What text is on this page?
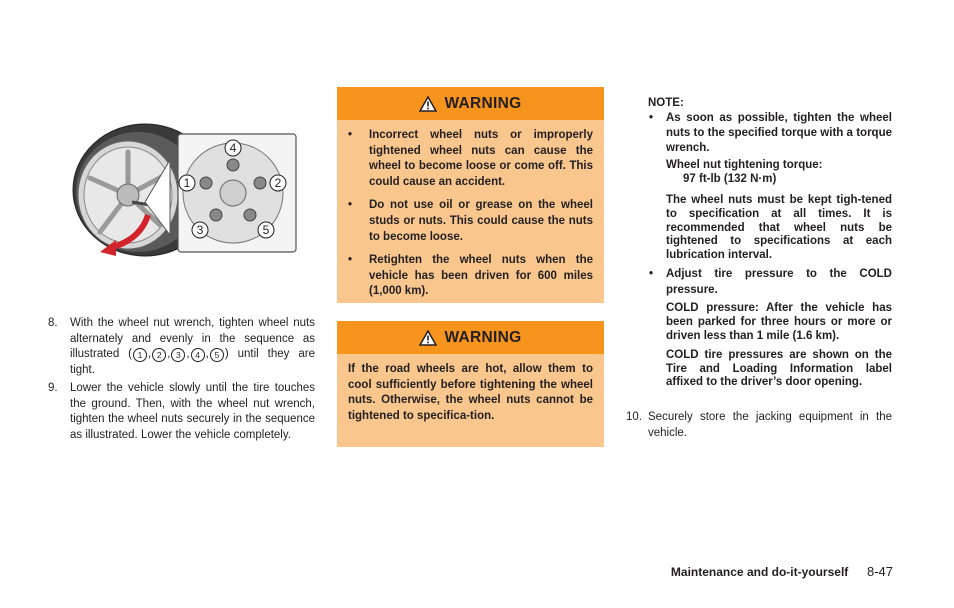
4
2
5
3
1
8. With the wheel nut wrench, tighten wheel nuts alternately and evenly in the sequence as illustrated ( 1 , 2 , 3 , 4 , 5 ) until they are tight.
9. Lower the vehicle slowly until the tire touches the ground. Then, with the wheel nut wrench, tighten the wheel nuts securely in the sequence as illustrated. Lower the vehicle completely.
WARNING
• Incorrect wheel nuts or improperly tightened wheel nuts can cause the wheel to become loose or come off. This could cause an accident.
• Do not use oil or grease on the wheel studs or nuts. This could cause the nuts to become loose.
• Retighten the wheel nuts when the vehicle has been driven for 600 miles (1,000 km).
WARNING
If the road wheels are hot, allow them to cool sufficiently before tightening the wheel nuts. Otherwise, the wheel nuts cannot be tightened to specifica-tion.
NOTE:
• As soon as possible, tighten the wheel nuts to the specified torque with a torque wrench.
Wheel nut tightening torque:
97 ft-lb (132 N·m)
The wheel nuts must be kept tigh-tened to specification at all times. It is recommended that wheel nuts be tightened to specifications at each lubrication interval.
• Adjust tire pressure to the COLD pressure.
COLD pressure: After the vehicle has been parked for three hours or more or driven less than 1 mile (1.6 km).
COLD tire pressures are shown on the Tire and Loading Information label affixed to the driver’s door opening.
10. Securely store the jacking equipment in the vehicle.
Maintenance and do-it-yourself 8-47
